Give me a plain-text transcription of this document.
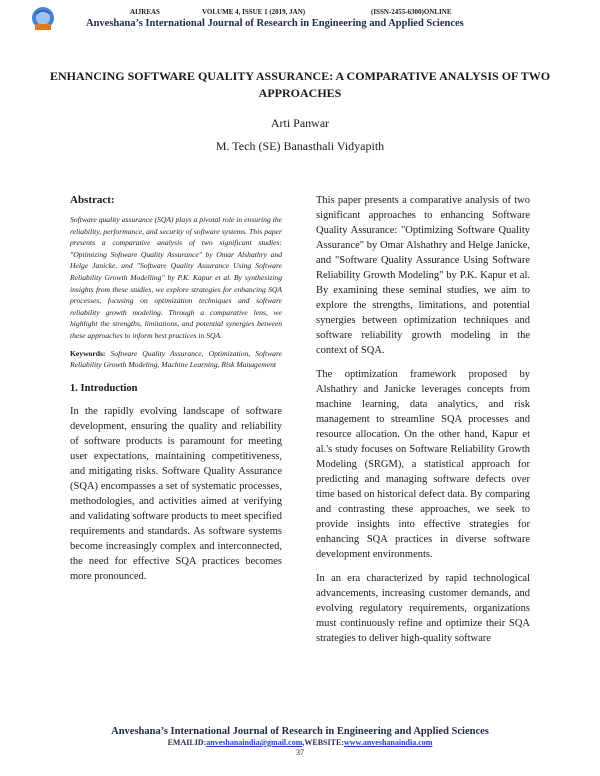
AIJREAS	VOLUME 4, ISSUE 1 (2019, JAN)	(ISSN-2455-6300)ONLINE
Anveshana’s International Journal of Research in Engineering and Applied Sciences
ENHANCING SOFTWARE QUALITY ASSURANCE: A COMPARATIVE ANALYSIS OF TWO APPROACHES
Arti Panwar
M. Tech (SE) Banasthali Vidyapith

Abstract:

Software quality assurance (SQA) plays a pivotal role in ensuring the reliability, performance, and security of software systems. This paper presents a comparative analysis of two significant studies: "Optimizing Software Quality Assurance" by Omar Alshathry and Helge Janicke, and "Software Quality Assurance Using Software Reliability Growth Modelling" by P.K. Kapur et al. By synthesizing insights from these studies, we explore strategies for enhancing SQA processes, focusing on optimization techniques and software reliability growth modeling. Through a comparative lens, we highlight the strengths, limitations, and potential synergies between these approaches to inform best practices in SQA.

Keywords: Software Quality Assurance, Optimization, Software Reliability Growth Modeling, Machine Learning, Risk Management

1. Introduction

In the rapidly evolving landscape of software development, ensuring the quality and reliability of software products is paramount for meeting user expectations, maintaining competitiveness, and mitigating risks. Software Quality Assurance (SQA) encompasses a set of systematic processes, methodologies, and activities aimed at verifying and validating software products to meet specified requirements and standards. As software systems become increasingly complex and interconnected, the need for effective SQA practices becomes more pronounced.

This paper presents a comparative analysis of two significant approaches to enhancing Software Quality Assurance: "Optimizing Software Quality Assurance" by Omar Alshathry and Helge Janicke, and "Software Quality Assurance Using Software Reliability Growth Modeling" by P.K. Kapur et al. By examining these seminal studies, we aim to explore the strengths, limitations, and potential synergies between optimization techniques and software reliability growth modeling in the context of SQA.

The optimization framework proposed by Alshathry and Janicke leverages concepts from machine learning, data analytics, and risk management to streamline SQA processes and resource allocation. On the other hand, Kapur et al.'s study focuses on Software Reliability Growth Modeling (SRGM), a statistical approach for predicting and managing software defects over time based on historical defect data. By comparing and contrasting these approaches, we seek to provide insights into effective strategies for enhancing SQA practices in diverse software development environments.

In an era characterized by rapid technological advancements, increasing customer demands, and evolving regulatory requirements, organizations must continuously refine and optimize their SQA strategies to deliver high-quality software

Anveshana’s International Journal of Research in Engineering and Applied Sciences
EMAILID:anveshanaindia@gmail.com,WEBSITE:www.anveshanaindia.com
37
